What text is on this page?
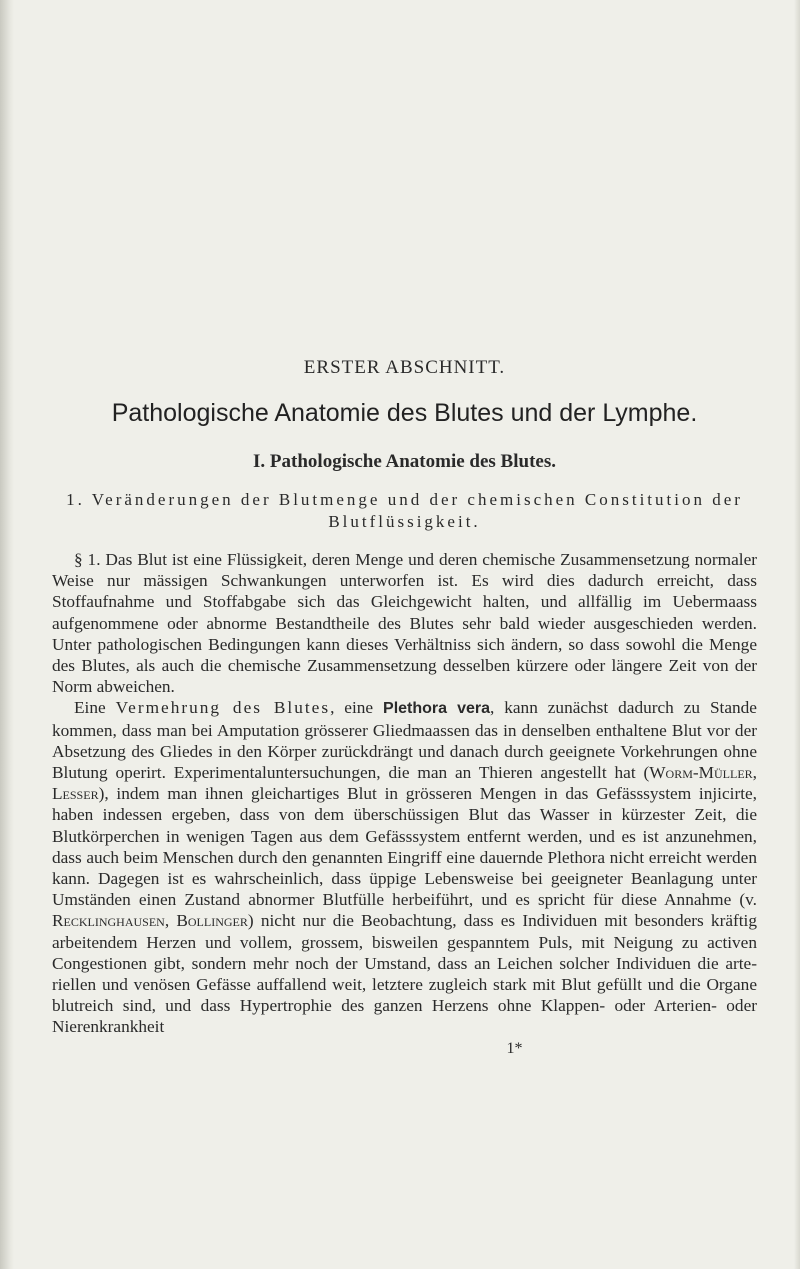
ERSTER ABSCHNITT.
Pathologische Anatomie des Blutes und der Lymphe.
I. Pathologische Anatomie des Blutes.
1. Veränderungen der Blutmenge und der chemischen Constitution der Blutflüssigkeit.

§ 1. Das Blut ist eine Flüssigkeit, deren Menge und deren chemische Zusammensetzung normaler Weise nur mässigen Schwankungen unterworfen ist. Es wird dies dadurch erreicht, dass Stoffaufnahme und Stoffabgabe sich das Gleichgewicht halten, und allfällig im Uebermaass aufgenommene oder abnorme Bestandtheile des Blutes sehr bald wieder ausgeschieden werden. Unter pathologischen Bedingungen kann dieses Verhältniss sich ändern, so dass sowohl die Menge des Blutes, als auch die chemische Zusammensetzung desselben kürzere oder längere Zeit von der Norm abweichen.

Eine Vermehrung des Blutes, eine Plethora vera, kann zunächst dadurch zu Stande kommen, dass man bei Amputation grösserer Gliedmaassen das in denselben enthaltene Blut vor der Absetzung des Gliedes in den Körper zurückdrängt und danach durch geeignete Vorkehrungen ohne Blutung operirt. Experimentaluntersuchungen, die man an Thieren angestellt hat (Worm-Müller, Lesser), indem man ihnen gleichartiges Blut in grösseren Mengen in das Gefässsystem injicirte, haben indessen ergeben, dass von dem überschüssigen Blut das Wasser in kürzester Zeit, die Blutkörperchen in wenigen Tagen aus dem Gefässsystem entfernt werden, und es ist anzunehmen, dass auch beim Menschen durch den genannten Eingriff eine dauernde Plethora nicht erreicht werden kann. Dagegen ist es wahrscheinlich, dass üppige Lebensweise bei geeigneter Beanlagung unter Umständen einen Zustand abnormer Blutfülle herbeiführt, und es spricht für diese Annahme (v. Recklinghausen, Bollinger) nicht nur die Beobachtung, dass es Individuen mit besonders kräftig arbeitendem Herzen und vollem, grossem, bisweilen gespanntem Puls, mit Neigung zu activen Congestionen gibt, sondern mehr noch der Umstand, dass an Leichen solcher Individuen die arteriellen und venösen Gefässe auffallend weit, letztere zugleich stark mit Blut gefüllt und die Organe blutreich sind, und dass Hypertrophie des ganzen Herzens ohne Klappen- oder Arterien- oder Nierenkrankheit

1*
